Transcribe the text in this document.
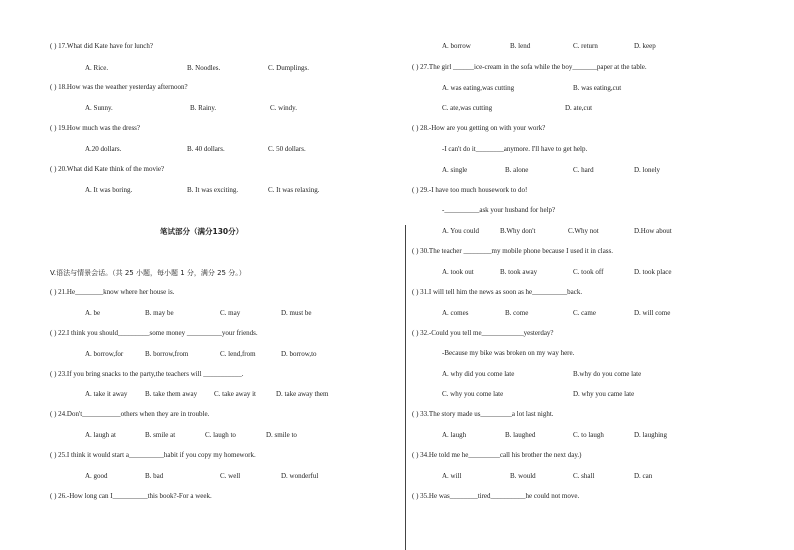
( ) 17.What did Kate have for lunch?
A. Rice.	B. Noodles.	C. Dumplings.
( ) 18.How was the weather yesterday afternoon?
A. Sunny.	B. Rainy.	C. windy.
( ) 19.How much was the dress?
A.20 dollars.	B. 40 dollars.	C. 50 dollars.
( ) 20.What did Kate think of the movie?
A. It was boring.	B. It was exciting.	C. It was relaxing.
笔试部分（满分130分）
V.语法与情景会话。（共 25 小题，每小题 1 分，满分 25 分。）
( ) 21.He________know where her house is.
A. be	B. may be	C. may	D. must be
( ) 22.I think you should_________some money __________your friends.
A. borrow,for	B. borrow,from	C. lend,from	D. borrow,to
( ) 23.If you bring snacks to the party,the teachers will ___________.
A. take it away	B. take them away C. take away it	D. take away them
( ) 24.Don't___________others when they are in trouble.
A. laugh at	B. smile at	C. laugh to	D. smile to
( ) 25.I think it would start a__________habit if you copy my homework.
A. good	B. bad	C. well	D. wonderful
( ) 26.-How long can I__________this book?-For a week.
A. borrow	B. lend	C. return	D. keep
( ) 27.The girl ______ice-cream in the sofa while the boy_______paper at the table.
A. was eating,was cutting	B. was eating,cut
C. ate,was cutting	D. ate,cut
( ) 28.-How are you getting on with your work?
-I can't do it________anymore. I'll have to get help.
A. single	B. alone	C. hard	D. lonely
( ) 29.-I have too much housework to do!
-__________ask your husband for help?
A. You could	B.Why don't	C.Why not	D.How about
( ) 30.The teacher ________my mobile phone because I used it in class.
A. took out	B. took away	C. took off	D. took place
( ) 31.I will tell him the news as soon as he__________back.
A. comes	B. come	C. came	D. will come
( ) 32.-Could you tell me____________yesterday?
-Because my bike was broken on my way here.
A. why did you come late	B.why do you come late
C. why you come late	D. why you came late
( ) 33.The story made us_________a lot last night.
A. laugh	B. laughed	C. to laugh	D. laughing
( ) 34.He told me he_________call his brother the next day.)
A. will	B. would	C. shall	D. can
( ) 35.He was________tired__________he could not move.
